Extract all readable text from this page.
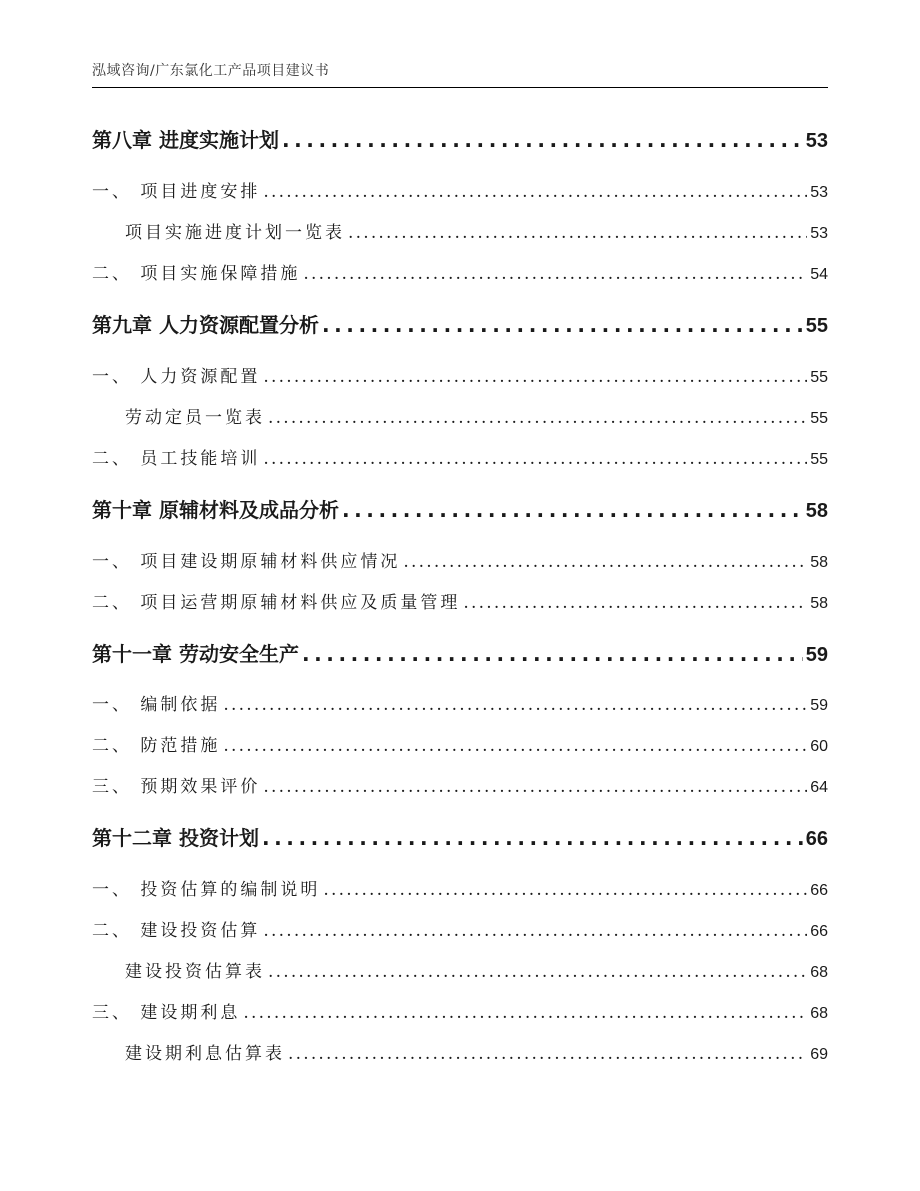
泓域咨询/广东氯化工产品项目建议书
第八章 进度实施计划 . . .	53
一、 项目进度安排 . . .	53
项目实施进度计划一览表 . . .	53
二、 项目实施保障措施 . . .	54
第九章 人力资源配置分析 . . .	55
一、 人力资源配置 . . .	55
劳动定员一览表 . . .	55
二、 员工技能培训 . . .	55
第十章 原辅材料及成品分析 . . .	58
一、 项目建设期原辅材料供应情况 . . .	58
二、 项目运营期原辅材料供应及质量管理 . . .	58
第十一章 劳动安全生产 . . .	59
一、 编制依据 . . .	59
二、 防范措施 . . .	60
三、 预期效果评价 . . .	64
第十二章 投资计划 . . .	66
一、 投资估算的编制说明 . . .	66
二、 建设投资估算 . . .	66
建设投资估算表 . . .	68
三、 建设期利息 . . .	68
建设期利息估算表 . . .	69
